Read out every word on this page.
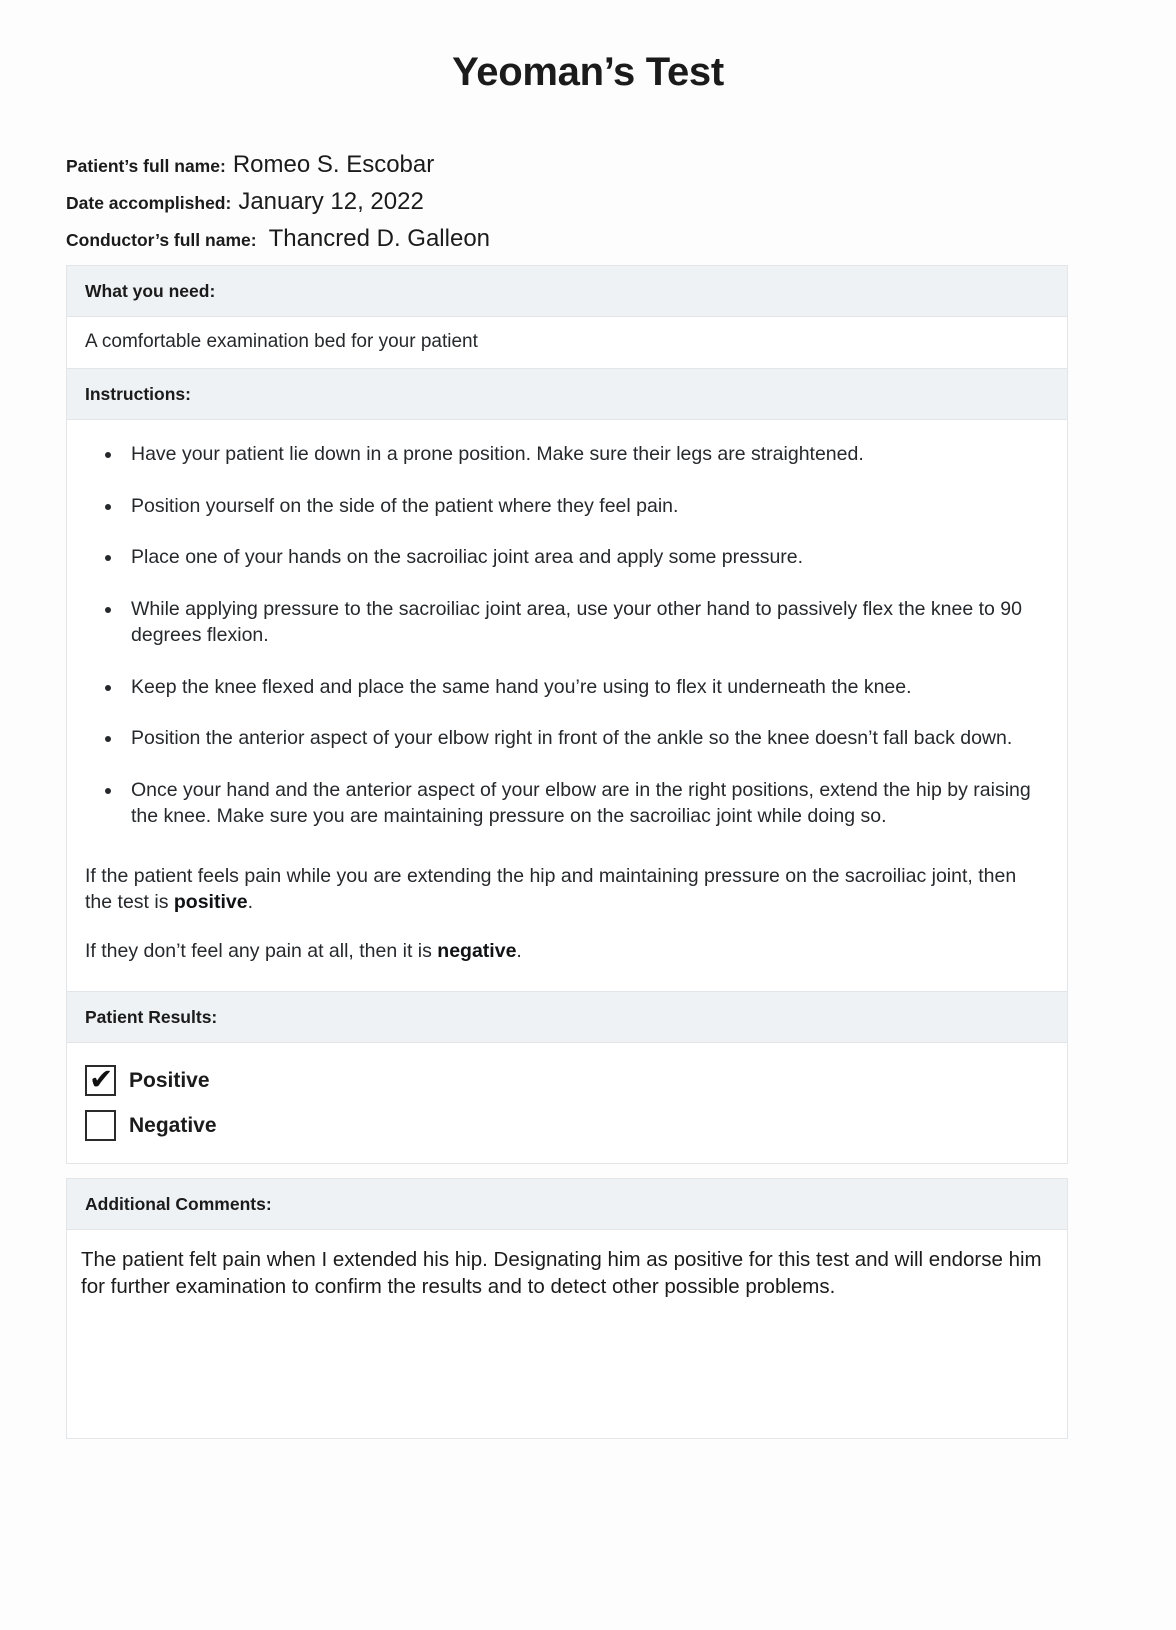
Yeoman’s Test
Patient’s full name: Romeo S. Escobar
Date accomplished: January 12, 2022
Conductor’s full name: Thancred D. Galleon
What you need:
A comfortable examination bed for your patient
Instructions:
Have your patient lie down in a prone position. Make sure their legs are straightened.
Position yourself on the side of the patient where they feel pain.
Place one of your hands on the sacroiliac joint area and apply some pressure.
While applying pressure to the sacroiliac joint area, use your other hand to passively flex the knee to 90 degrees flexion.
Keep the knee flexed and place the same hand you’re using to flex it underneath the knee.
Position the anterior aspect of your elbow right in front of the ankle so the knee doesn’t fall back down.
Once your hand and the anterior aspect of your elbow are in the right positions, extend the hip by raising the knee. Make sure you are maintaining pressure on the sacroiliac joint while doing so.

If the patient feels pain while you are extending the hip and maintaining pressure on the sacroiliac joint, then the test is positive.

If they don’t feel any pain at all, then it is negative.

Patient Results:
✔ Positive
Negative
Additional Comments:
The patient felt pain when I extended his hip. Designating him as positive for this test and will endorse him for further examination to confirm the results and to detect other possible problems.
